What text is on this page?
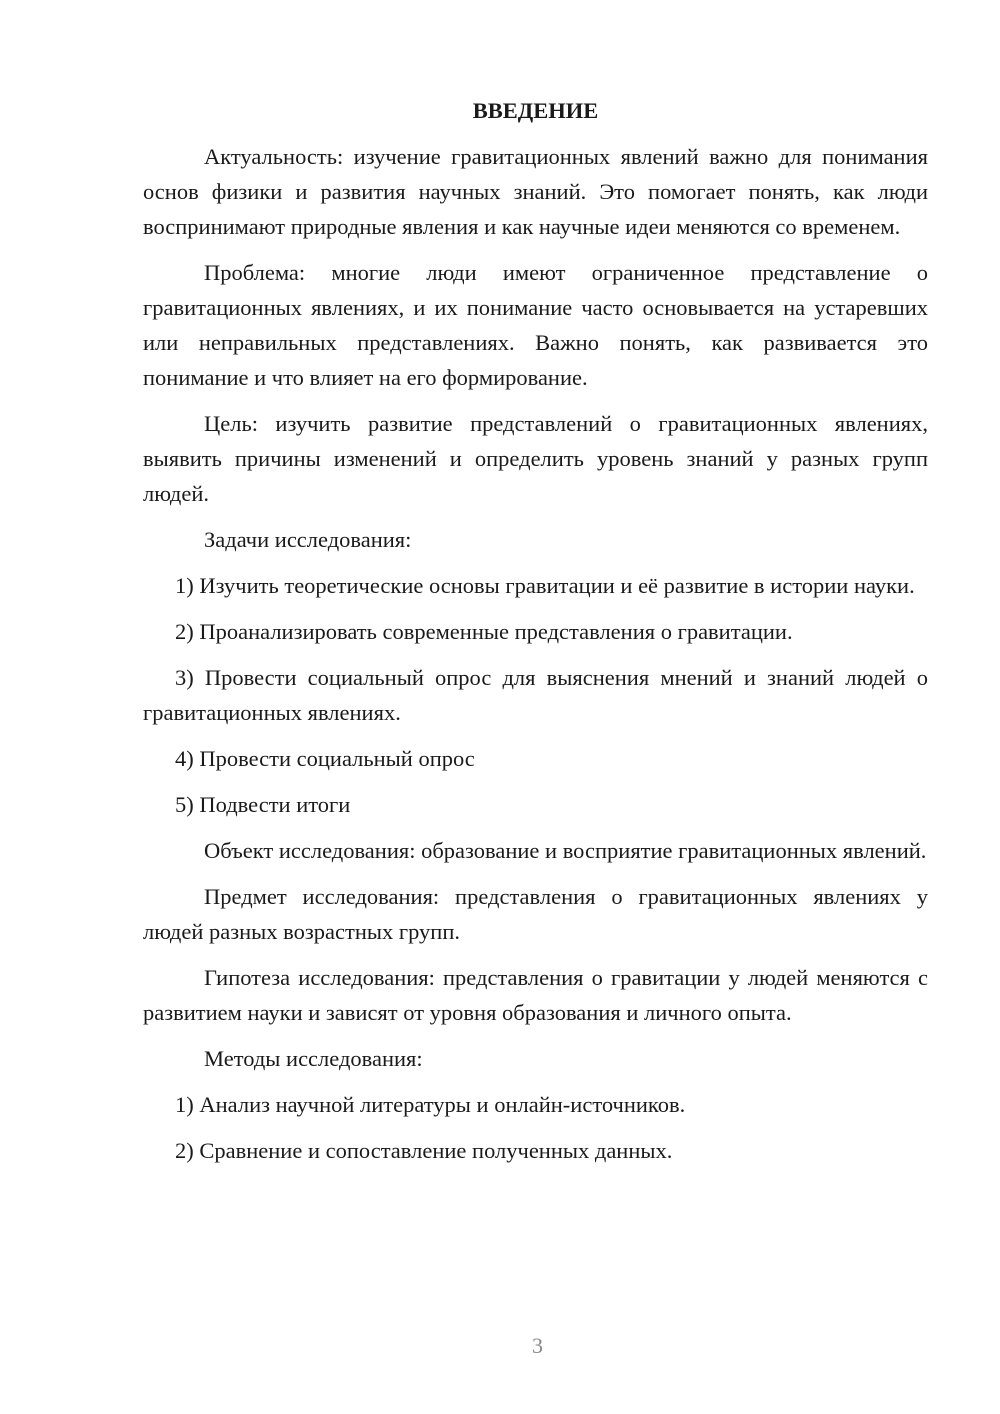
ВВЕДЕНИЕ

Актуальность: изучение гравитационных явлений важно для понимания основ физики и развития научных знаний. Это помогает понять, как люди воспринимают природные явления и как научные идеи меняются со временем.

Проблема: многие люди имеют ограниченное представление о гравитационных явлениях, и их понимание часто основывается на устаревших или неправильных представлениях. Важно понять, как развивается это понимание и что влияет на его формирование.

Цель: изучить развитие представлений о гравитационных явлениях, выявить причины изменений и определить уровень знаний у разных групп людей.

Задачи исследования:

1) Изучить теоретические основы гравитации и её развитие в истории науки.

2) Проанализировать современные представления о гравитации.

3) Провести социальный опрос для выяснения мнений и знаний людей о гравитационных явлениях.

4) Провести социальный опрос

5) Подвести итоги

Объект исследования: образование и восприятие гравитационных явлений.

Предмет исследования: представления о гравитационных явлениях у людей разных возрастных групп.

Гипотеза исследования: представления о гравитации у людей меняются с развитием науки и зависят от уровня образования и личного опыта.

Методы исследования:

1) Анализ научной литературы и онлайн-источников.

2) Сравнение и сопоставление полученных данных.

3
